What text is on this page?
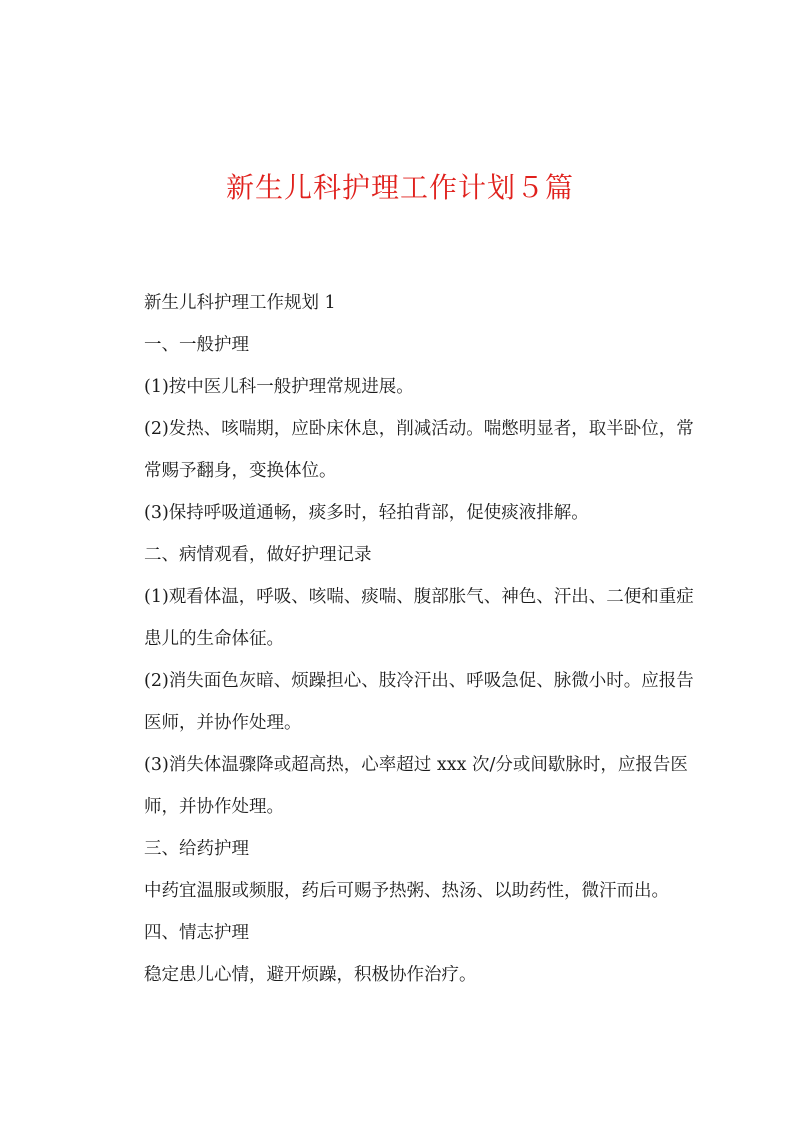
新生儿科护理工作计划５篇

新生儿科护理工作规划 1

一、一般护理

(1)按中医儿科一般护理常规进展。

(2)发热、咳喘期，应卧床休息，削减活动。喘憋明显者，取半卧位，常常赐予翻身，变换体位。

(3)保持呼吸道通畅，痰多时，轻拍背部，促使痰液排解。

二、病情观看，做好护理记录

(1)观看体温，呼吸、咳喘、痰喘、腹部胀气、神色、汗出、二便和重症患儿的生命体征。

(2)消失面色灰暗、烦躁担心、肢冷汗出、呼吸急促、脉微小时。应报告医师，并协作处理。

(3)消失体温骤降或超高热，心率超过 xxx 次/分或间歇脉时，应报告医师，并协作处理。

三、给药护理

中药宜温服或频服，药后可赐予热粥、热汤、以助药性，微汗而出。

四、情志护理

稳定患儿心情，避开烦躁，积极协作治疗。
